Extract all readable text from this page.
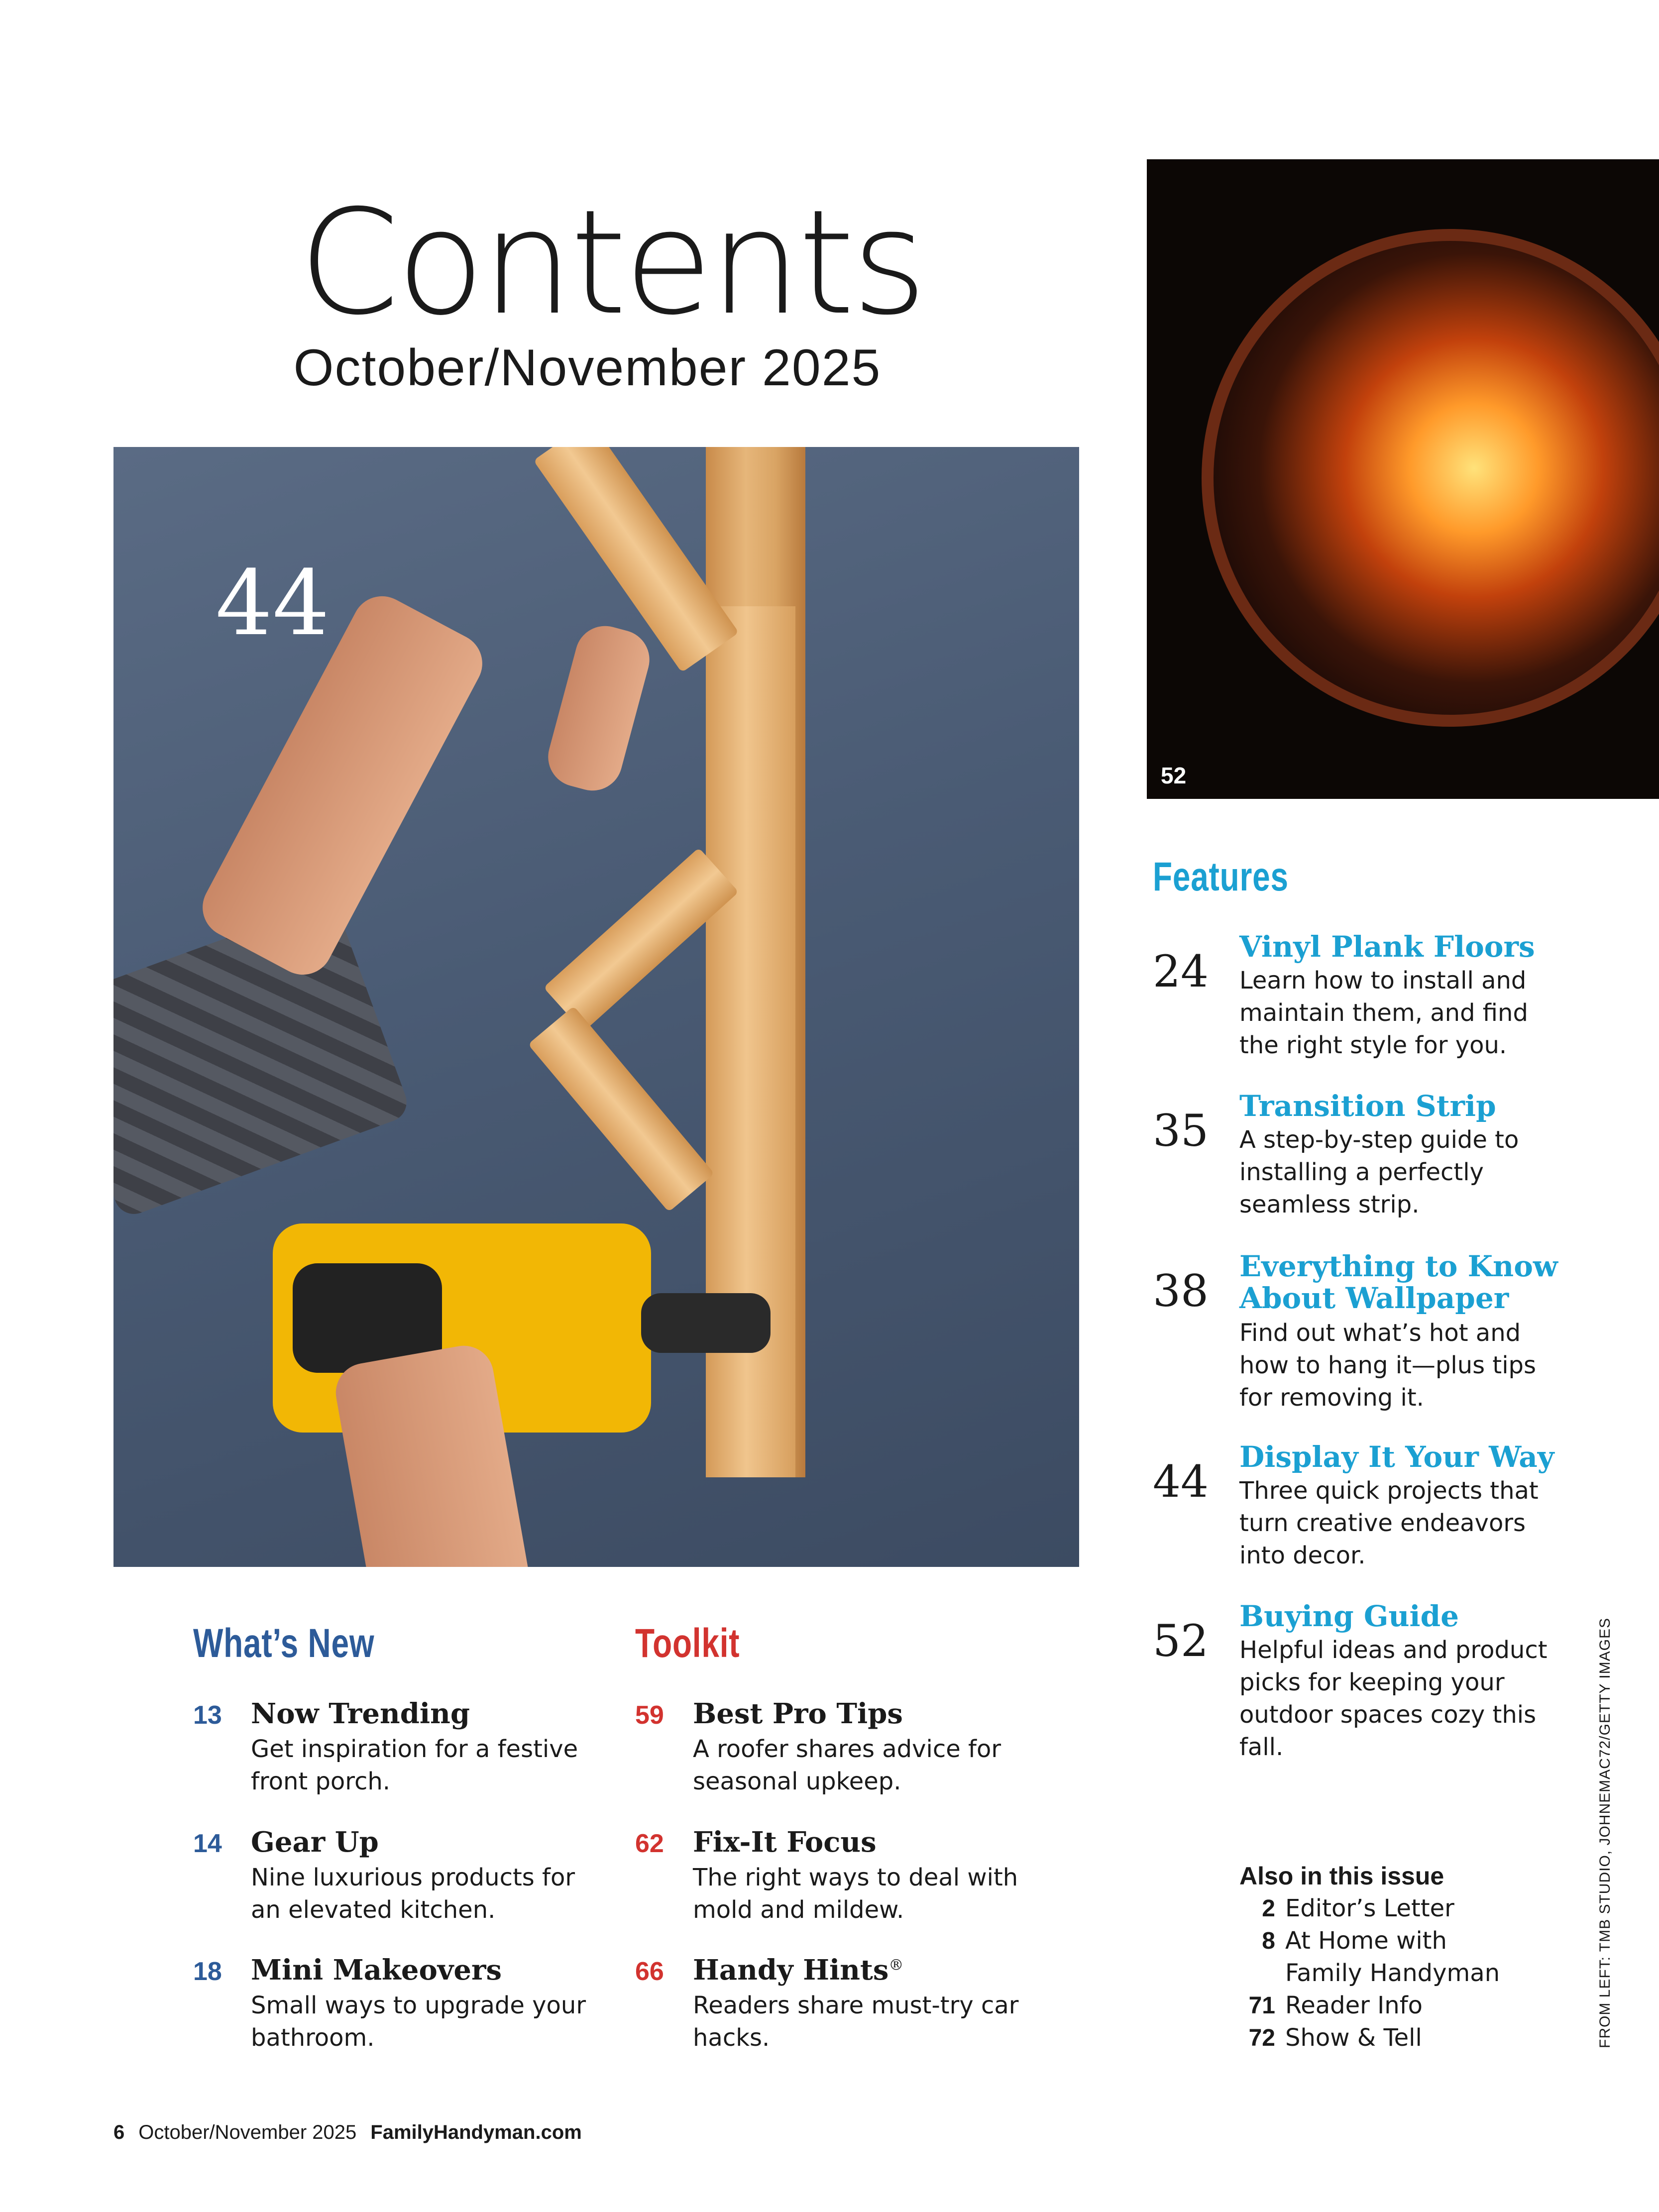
Contents
October/November 2025
44
52
Features
24 Vinyl Plank Floors
Learn how to install and maintain them, and find the right style for you.
35 Transition Strip
A step-by-step guide to installing a perfectly seamless strip.
38 Everything to Know About Wallpaper
Find out what’s hot and how to hang it—plus tips for removing it.
44 Display It Your Way
Three quick projects that turn creative endeavors into decor.
52 Buying Guide
Helpful ideas and product picks for keeping your outdoor spaces cozy this fall.
What’s New
13 Now Trending
Get inspiration for a festive front porch.
14 Gear Up
Nine luxurious products for an elevated kitchen.
18 Mini Makeovers
Small ways to upgrade your bathroom.
Toolkit
59 Best Pro Tips
A roofer shares advice for seasonal upkeep.
62 Fix-It Focus
The right ways to deal with mold and mildew.
66 Handy Hints®
Readers share must-try car hacks.
Also in this issue
2 Editor’s Letter
8 At Home with Family Handyman
71 Reader Info
72 Show & Tell	FROM LEFT: TMB STUDIO, JOHNEMAC72/GETTY IMAGES
6 October/November 2025 FamilyHandyman.com
